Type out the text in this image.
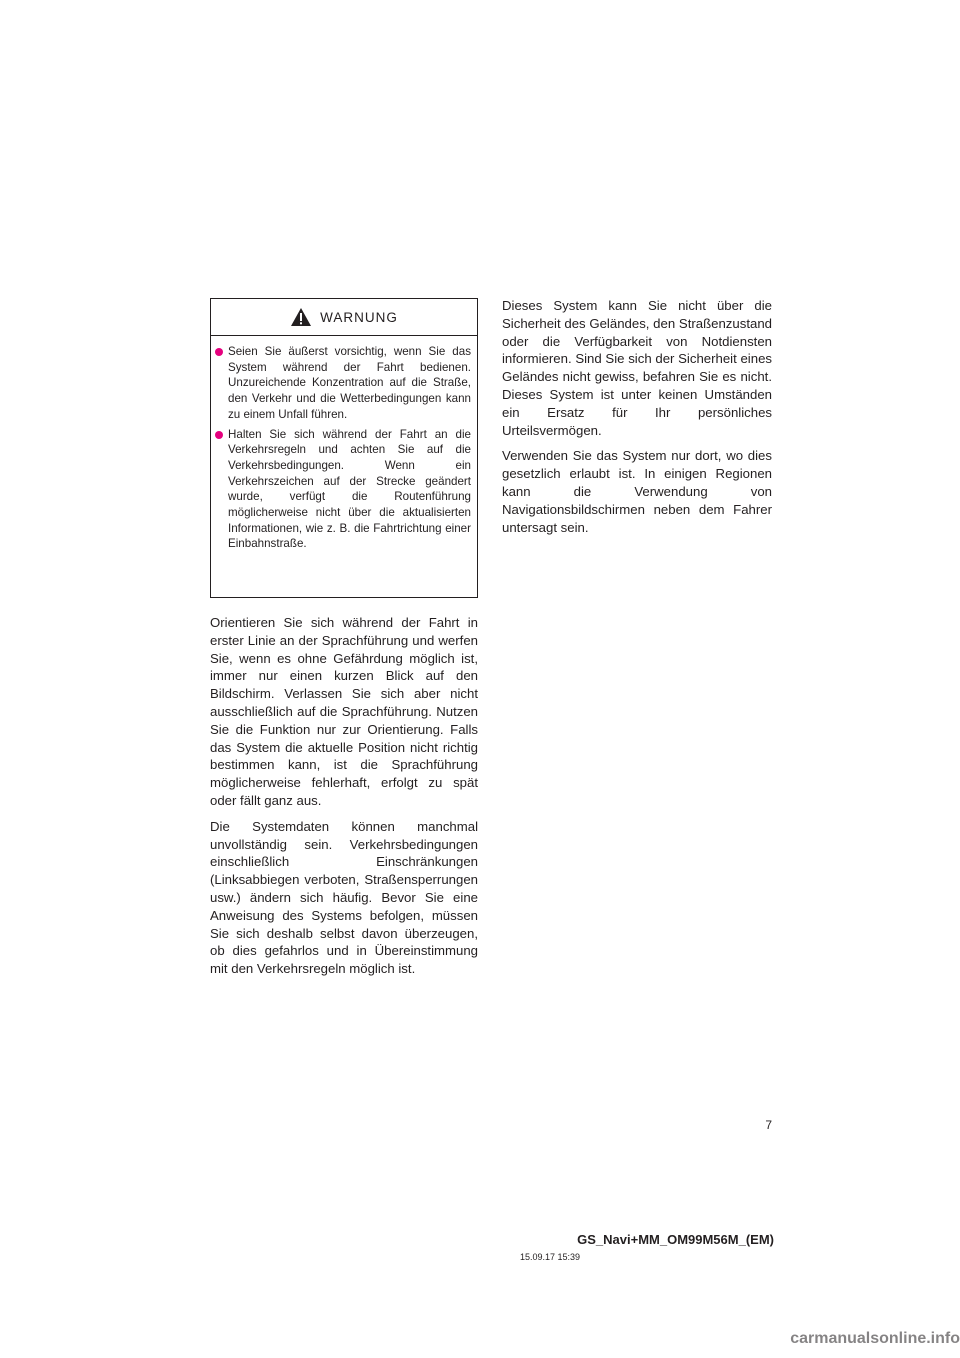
WARNUNG
Seien Sie äußerst vorsichtig, wenn Sie das System während der Fahrt bedienen. Unzureichende Konzentration auf die Straße, den Verkehr und die Wetterbedingungen kann zu einem Unfall führen.
Halten Sie sich während der Fahrt an die Verkehrsregeln und achten Sie auf die Verkehrsbedingungen. Wenn ein Verkehrszeichen auf der Strecke geändert wurde, verfügt die Routenführung möglicherweise nicht über die aktualisierten Informationen, wie z. B. die Fahrtrichtung einer Einbahnstraße.

Orientieren Sie sich während der Fahrt in erster Linie an der Sprachführung und werfen Sie, wenn es ohne Gefährdung möglich ist, immer nur einen kurzen Blick auf den Bildschirm. Verlassen Sie sich aber nicht ausschließlich auf die Sprachführung. Nutzen Sie die Funktion nur zur Orientierung. Falls das System die aktuelle Position nicht richtig bestimmen kann, ist die Sprachführung möglicherweise fehlerhaft, erfolgt zu spät oder fällt ganz aus.

Die Systemdaten können manchmal unvollständig sein. Verkehrsbedingungen einschließlich Einschränkungen (Linksabbiegen verboten, Straßensperrungen usw.) ändern sich häufig. Bevor Sie eine Anweisung des Systems befolgen, müssen Sie sich deshalb selbst davon überzeugen, ob dies gefahrlos und in Übereinstimmung mit den Verkehrsregeln möglich ist.

Dieses System kann Sie nicht über die Sicherheit des Geländes, den Straßenzustand oder die Verfügbarkeit von Notdiensten informieren. Sind Sie sich der Sicherheit eines Geländes nicht gewiss, befahren Sie es nicht. Dieses System ist unter keinen Umständen ein Ersatz für Ihr persönliches Urteilsvermögen.

Verwenden Sie das System nur dort, wo dies gesetzlich erlaubt ist. In einigen Regionen kann die Verwendung von Navigationsbildschirmen neben dem Fahrer untersagt sein.

7
GS_Navi+MM_OM99M56M_(EM)
15.09.17 15:39
carmanualsonline.info
